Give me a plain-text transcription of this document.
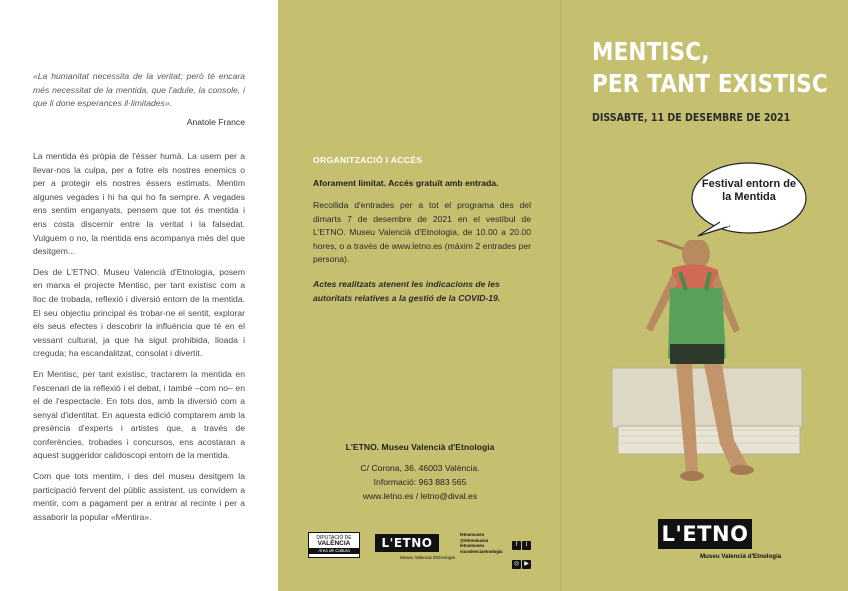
«La humanitat necessita de la veritat; però té encara més necessitat de la mentida, que l'adule, la console, i que li done esperances il·limitades».
Anatole France

La mentida és pròpia de l'ésser humà. La usem per a llevar-nos la culpa, per a fotre els nostres enemics o per a protegir els nostres éssers estimats. Mentim algunes vegades i hi ha qui ho fa sempre. A vegades ens sentim enganyats, pensem que tot és mentida i ens costa discernir entre la veritat i la falsedat. Vulguem o no, la mentida ens acompanya més del que desitgem...

Des de L'ETNO. Museu Valencià d'Etnologia, posem en marxa el projecte Mentisc, per tant existisc com a lloc de trobada, reflexió i diversió entorn de la mentida. El seu objectiu principal és trobar-ne el sentit, explorar els seus efectes i descobrir la influència que té en el vessant cultural, ja que ha sigut prohibida, lloada i creguda; ha escandalitzat, consolat i divertit.

En Mentisc, per tant existisc, tractarem la mentida en l'escenari de la reflexió i el debat, i també –com no– en el de l'espectacle. En tots dos, amb la diversió com a senyal d'identitat. En aquesta edició comptarem amb la presència d'experts i artistes que, a través de conferències, trobades i concursos, ens acostaran a aquest suggeridor calidoscopi entorn de la mentida.

Com que tots mentim, i des del museu desitgem la participació fervent del públic assistent, us convidem a mentir, com a pagament per a entrar al recinte i per a assaborir la popular «Mentira».

ORGANITZACIÓ I ACCÉS
Aforament limitat. Accés gratuït amb entrada.
Recollida d'entrades per a tot el programa des del dimarts 7 de desembre de 2021 en el vestíbul de L'ETNO. Museu Valencià d'Etnologia, de 10.00 a 20.00 hores, o a través de www.letno.es (màxim 2 entrades per persona).
Actes realitzats atenent les indicacions de les autoritats relatives a la gestió de la COVID-19.
L'ETNO. Museu Valencià d'Etnologia
C/ Corona, 36. 46003 València.
Informació: 963 883 565
www.letno.es / letno@dival.es
DIPUTACIÓ DE
VALÈNCIA
Àrea de Cultura
L'ETNO
Museu Valencià d'Etnologia
letnomuseu
@letnomuseu
letnomuseu
muvalenciaetnologia
f t ◎ ▶
MENTISC,
PER TANT EXISTISC
DISSABTE, 11 DE DESEMBRE DE 2021
Festival entorn de la Mentida
L'ETNO
Museu Valencià d'Etnologia
